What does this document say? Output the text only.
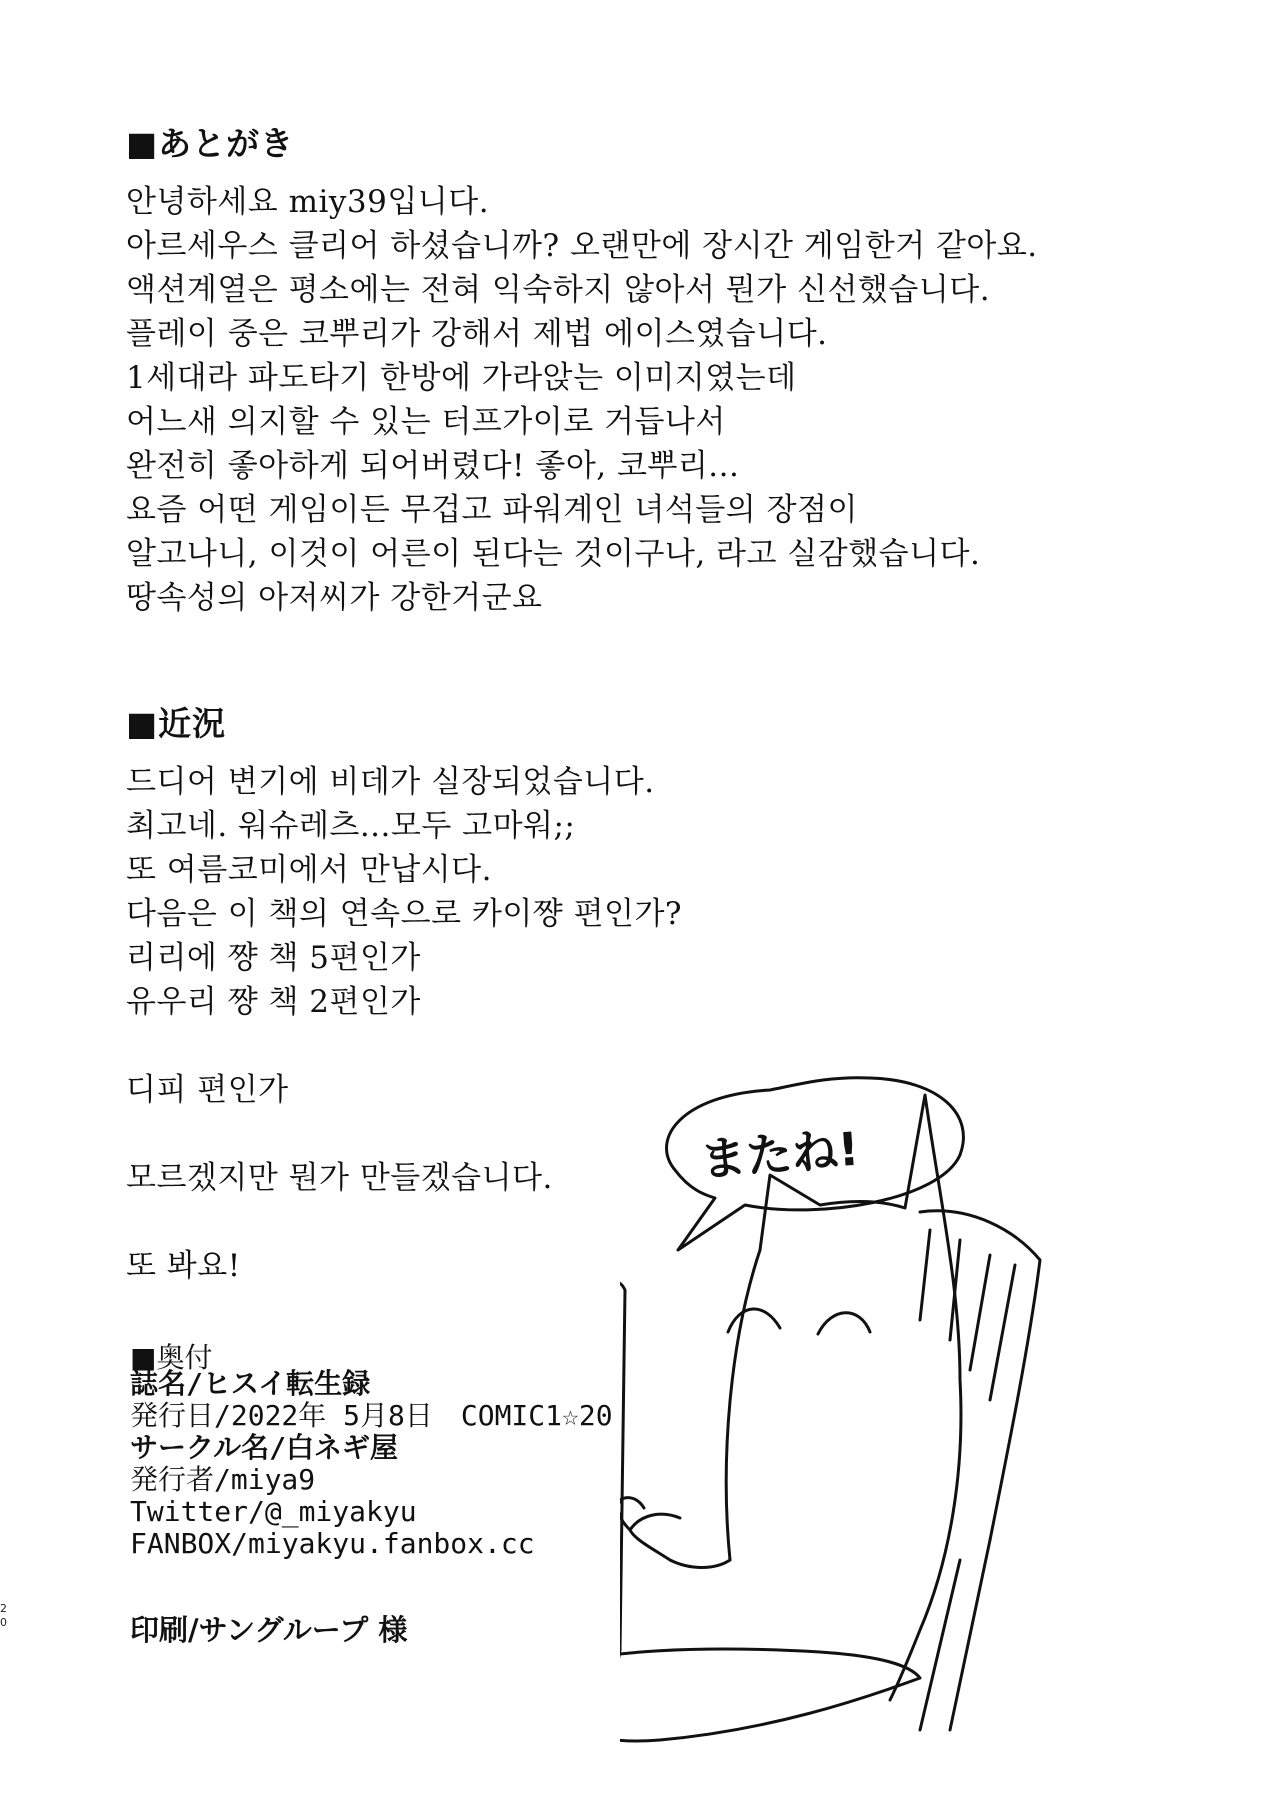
■あとがき
안녕하세요 miy39입니다.
아르세우스 클리어 하셨습니까? 오랜만에 장시간 게임한거 같아요.
액션계열은 평소에는 전혀 익숙하지 않아서 뭔가 신선했습니다.
플레이 중은 코뿌리가 강해서 제법 에이스였습니다.
1세대라 파도타기 한방에 가라앉는 이미지였는데
어느새 의지할 수 있는 터프가이로 거듭나서
완전히 좋아하게 되어버렸다! 좋아, 코뿌리...
요즘 어떤 게임이든 무겁고 파워계인 녀석들의 장점이
알고나니, 이것이 어른이 된다는 것이구나, 라고 실감했습니다.
땅속성의 아저씨가 강한거군요
■近況
드디어 변기에 비데가 실장되었습니다.
최고네. 워슈레츠...모두 고마워;;
또 여름코미에서 만납시다.
다음은 이 책의 연속으로 카이쨩 편인가?
리리에 쨩 책 5편인가
유우리 쨩 책 2편인가
디피 편인가
모르겠지만 뭔가 만들겠습니다.
또 봐요!
■奥付
誌名/ヒスイ転生録
発行日/2022年 5月8日　COMIC1☆20
サークル名/白ネギ屋
発行者/miya9
Twitter/@_miyakyu
FANBOX/miyakyu.fanbox.cc
印刷/サングループ 様
20
またね!
